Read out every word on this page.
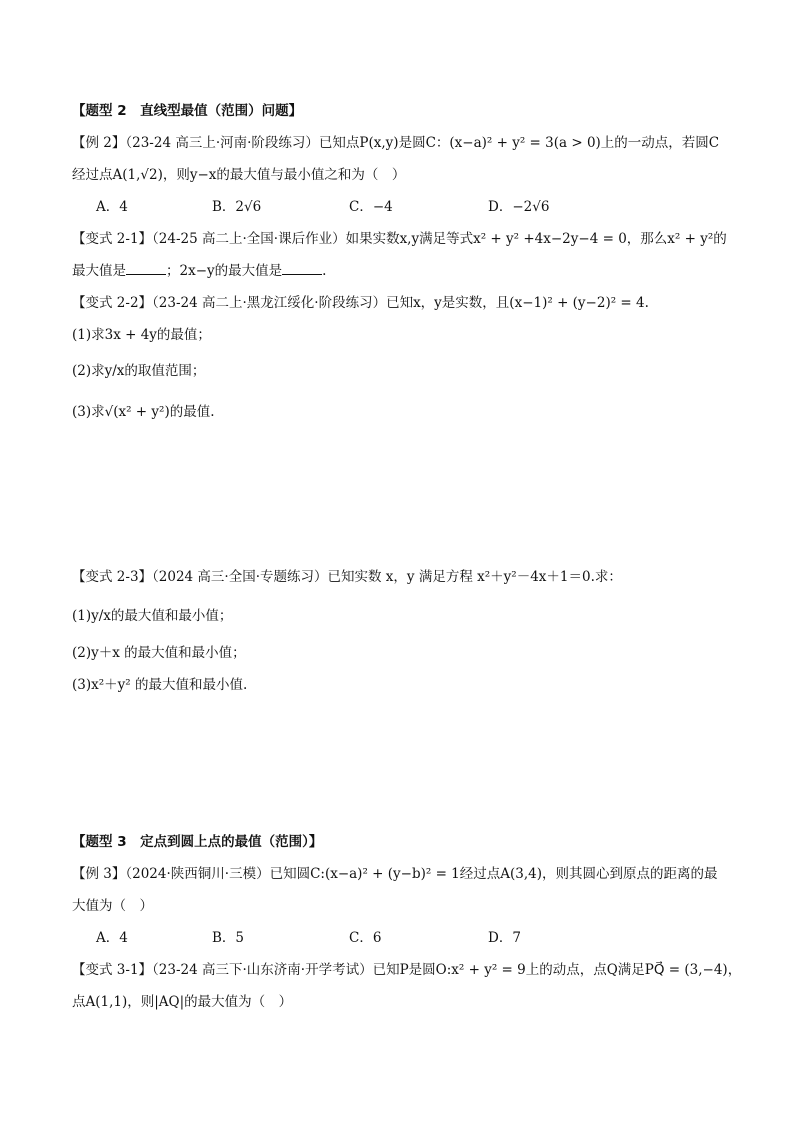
【题型 2　直线型最值（范围）问题】
【例 2】（23-24 高三上·河南·阶段练习）已知点P(x,y)是圆C：(x−a)² + y² = 3(a > 0)上的一动点，若圆C
经过点A(1,√2)，则y−x的最大值与最小值之和为（　）
A．4	B．2√6	C．−4	D．−2√6
【变式 2-1】（24-25 高二上·全国·课后作业）如果实数x,y满足等式x² + y² +4x−2y−4 = 0，那么x² + y²的
最大值是	；2x−y的最大值是	.
【变式 2-2】（23-24 高二上·黑龙江绥化·阶段练习）已知x，y是实数，且(x−1)² + (y−2)² = 4.
(1)求3x + 4y的最值；
(2)求y/x的取值范围；
(3)求√(x² + y²)的最值.
【变式 2-3】（2024 高三·全国·专题练习）已知实数 x，y 满足方程 x²＋y²－4x＋1＝0.求：
(1)y/x的最大值和最小值；
(2)y＋x 的最大值和最小值；
(3)x²＋y² 的最大值和最小值.
【题型 3　定点到圆上点的最值（范围）】
【例 3】（2024·陕西铜川·三模）已知圆C:(x−a)² + (y−b)² = 1经过点A(3,4)，则其圆心到原点的距离的最
大值为（　）
A．4	B．5	C．6	D．7
【变式 3-1】（23-24 高三下·山东济南·开学考试）已知P是圆O:x² + y² = 9上的动点，点Q满足PQ⃗ = (3,−4)，
点A(1,1)，则|AQ|的最大值为（　）
